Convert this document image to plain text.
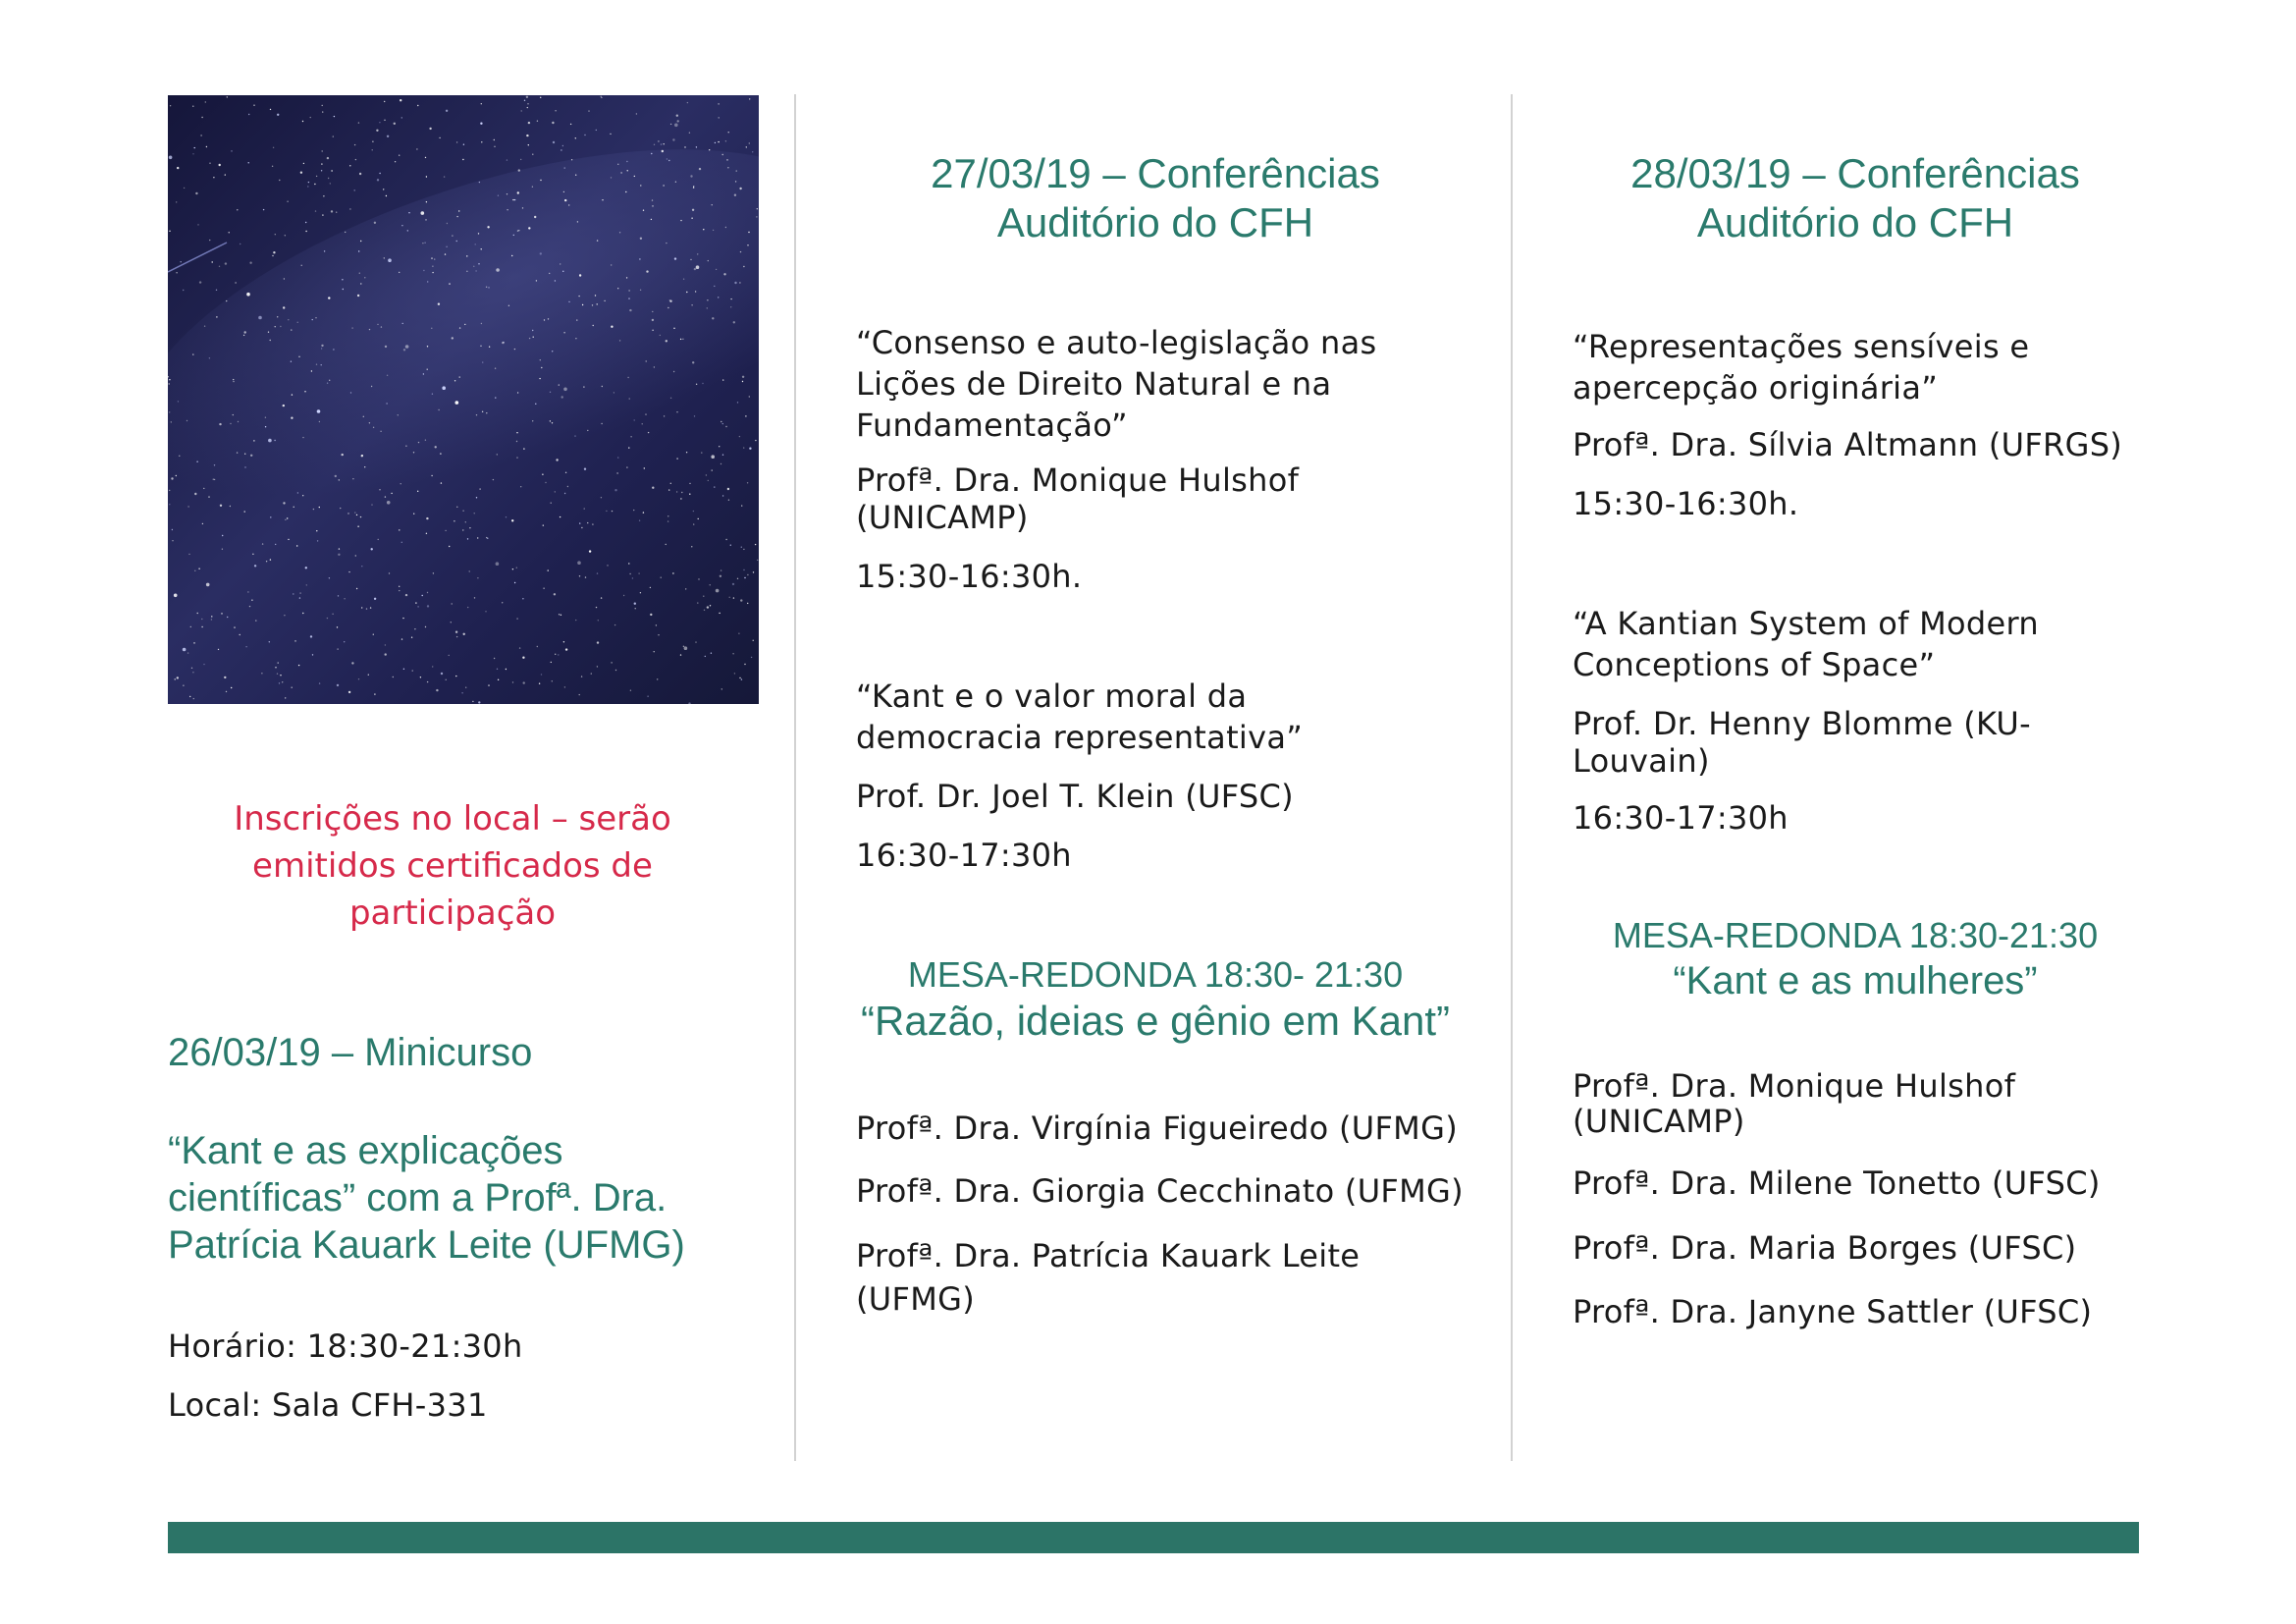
Inscrições no local – serão
emitidos certificados de
participação
26/03/19 – Minicurso
“Kant e as explicações
científicas” com a Profª. Dra.
Patrícia Kauark Leite (UFMG)
Horário: 18:30-21:30h
Local: Sala CFH-331
27/03/19 – Conferências
Auditório do CFH
“Consenso e auto-legislação nas
Lições de Direito Natural e na
Fundamentação”
Profª. Dra. Monique Hulshof
(UNICAMP)
15:30-16:30h.
“Kant e o valor moral da
democracia representativa”
Prof. Dr. Joel T. Klein (UFSC)
16:30-17:30h
MESA-REDONDA 18:30- 21:30
“Razão, ideias e gênio em Kant”
Profª. Dra. Virgínia Figueiredo (UFMG)
Profª. Dra. Giorgia Cecchinato (UFMG)
Profª. Dra. Patrícia Kauark Leite
(UFMG)
28/03/19 – Conferências
Auditório do CFH
“Representações sensíveis e
apercepção originária”
Profª. Dra. Sílvia Altmann (UFRGS)
15:30-16:30h.
“A Kantian System of Modern
Conceptions of Space”
Prof. Dr. Henny Blomme (KU-
Louvain)
16:30-17:30h
MESA-REDONDA 18:30-21:30
“Kant e as mulheres”
Profª. Dra. Monique Hulshof
(UNICAMP)
Profª. Dra. Milene Tonetto (UFSC)
Profª. Dra. Maria Borges (UFSC)
Profª. Dra. Janyne Sattler (UFSC)
